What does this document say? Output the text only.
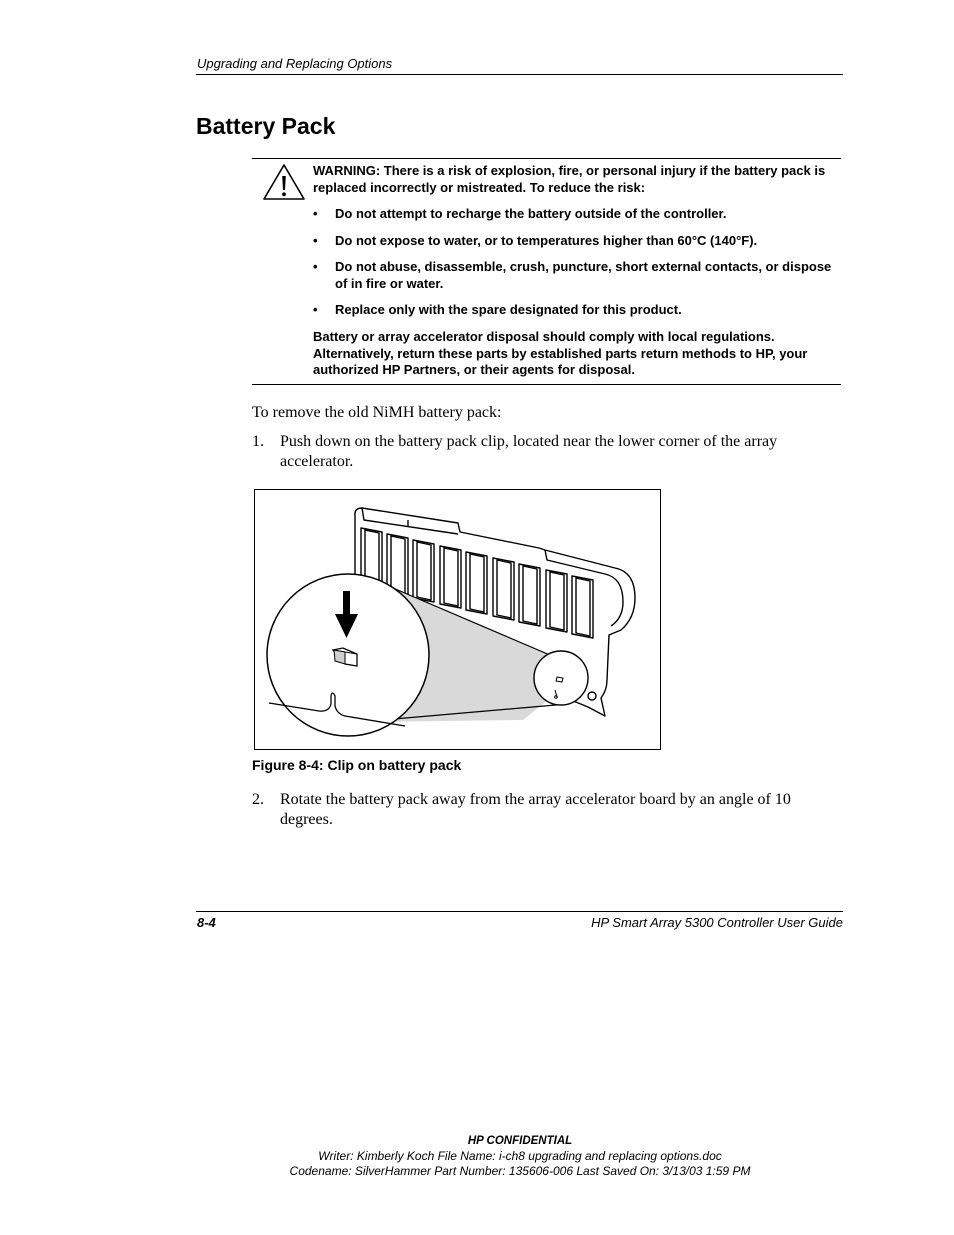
Upgrading and Replacing Options
Battery Pack
WARNING: There is a risk of explosion, fire, or personal injury if the battery pack is replaced incorrectly or mistreated. To reduce the risk:
• Do not attempt to recharge the battery outside of the controller.
• Do not expose to water, or to temperatures higher than 60°C (140°F).
• Do not abuse, disassemble, crush, puncture, short external contacts, or dispose of in fire or water.
• Replace only with the spare designated for this product.
Battery or array accelerator disposal should comply with local regulations. Alternatively, return these parts by established parts return methods to HP, your authorized HP Partners, or their agents for disposal.
To remove the old NiMH battery pack:
1. Push down on the battery pack clip, located near the lower corner of the array accelerator.
Figure 8-4: Clip on battery pack
2. Rotate the battery pack away from the array accelerator board by an angle of 10 degrees.
8-4	HP Smart Array 5300 Controller User Guide
HP CONFIDENTIAL
Writer: Kimberly Koch File Name: i-ch8 upgrading and replacing options.doc
Codename: SilverHammer Part Number: 135606-006 Last Saved On: 3/13/03 1:59 PM
